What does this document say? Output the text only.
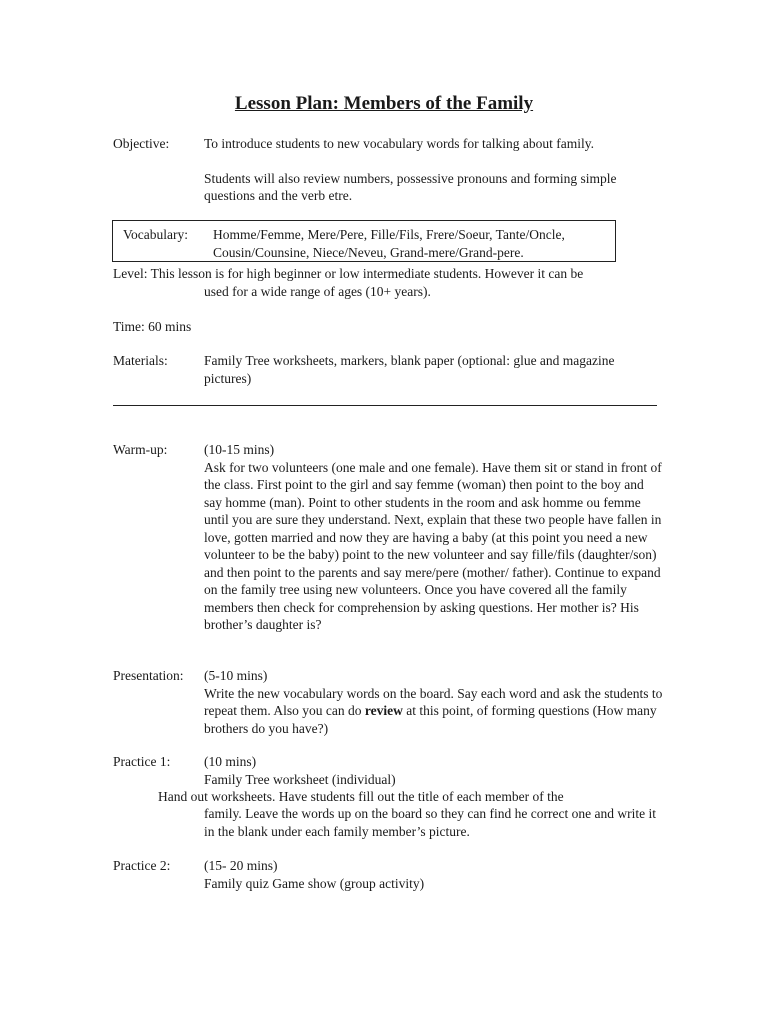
Lesson Plan: Members of the Family
Objective:	To introduce students to new vocabulary words for talking about family.

Students will also review numbers, possessive pronouns and forming simple questions and the verb etre.

Vocabulary: Homme/Femme, Mere/Pere, Fille/Fils, Frere/Soeur, Tante/Oncle,
Cousin/Counsine, Niece/Neveu, Grand-mere/Grand-pere.
Level: This lesson is for high beginner or low intermediate students. However it can be
used for a wide range of ages (10+ years).
Time: 60 mins
Materials:	Family Tree worksheets, markers, blank paper (optional: glue and magazine pictures)
Warm-up:	(10-15 mins)

Ask for two volunteers (one male and one female). Have them sit or stand in front of the class. First point to the girl and say femme (woman) then point to the boy and say homme (man). Point to other students in the room and ask homme ou femme until you are sure they understand. Next, explain that these two people have fallen in love, gotten married and now they are having a baby (at this point you need a new volunteer to be the baby) point to the new volunteer and say fille/fils (daughter/son) and then point to the parents and say mere/pere (mother/ father). Continue to expand on the family tree using new volunteers. Once you have covered all the family members then check for comprehension by asking questions. Her mother is? His brother’s daughter is?

Presentation: (5-10 mins)

Write the new vocabulary words on the board. Say each word and ask the students to repeat them. Also you can do review at this point, of forming questions (How many brothers do you have?)

Practice 1: (10 mins)

Family Tree worksheet (individual)

Hand out worksheets. Have students fill out the title of each member of the
family. Leave the words up on the board so they can find he correct one and write it in the blank under each family member’s picture.
Practice 2: (15- 20 mins)

Family quiz Game show (group activity)
